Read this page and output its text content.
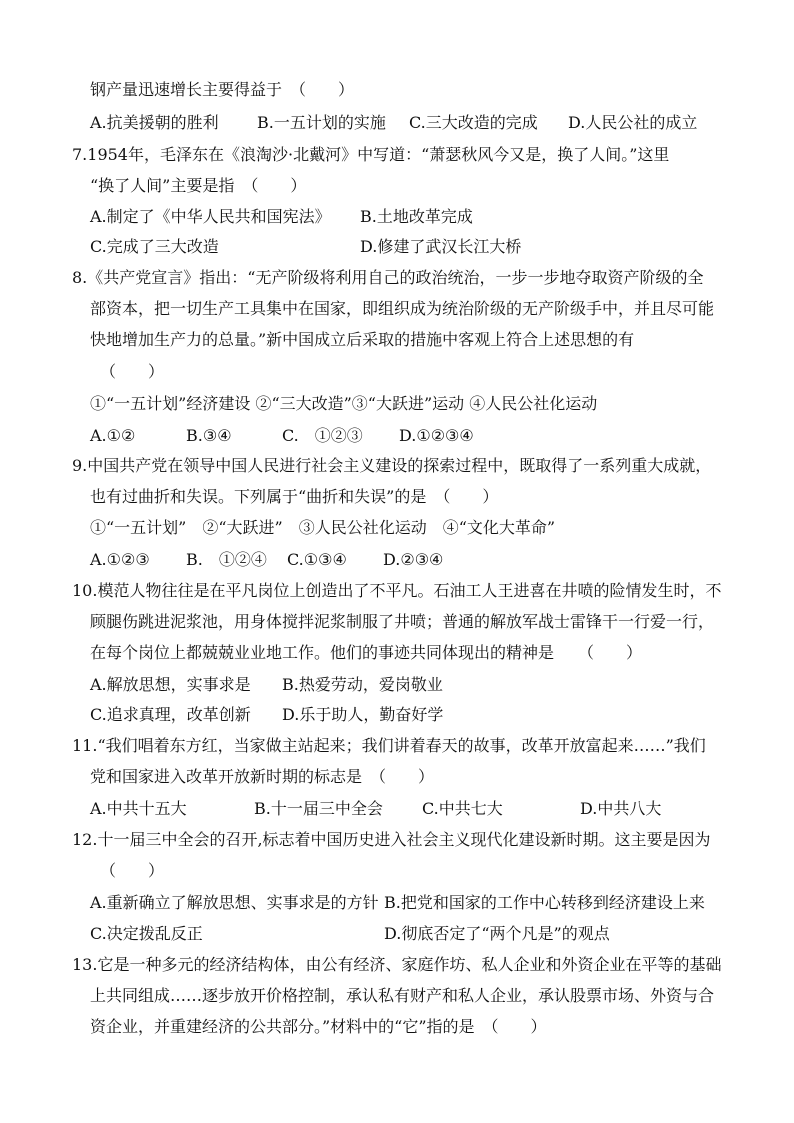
钢产量迅速增长主要得益于　（　　）
A.抗美援朝的胜利 B.一五计划的实施 C.三大改造的完成 D.人民公社的成立
7.1954年，毛泽东在《浪淘沙·北戴河》中写道：“萧瑟秋风今又是，换了人间。”这里
“换了人间”主要是指　（　　）
A.制定了《中华人民共和国宪法》 B.土地改革完成
C.完成了三大改造	D.修建了武汉长江大桥
8.《共产党宣言》指出：“无产阶级将利用自己的政治统治，一步一步地夺取资产阶级的全
部资本，把一切生产工具集中在国家，即组织成为统治阶级的无产阶级手中，并且尽可能
快地增加生产力的总量。”新中国成立后采取的措施中客观上符合上述思想的有
（　　）
①“一五计划”经济建设 ②“三大改造”③“大跃进”运动 ④人民公社化运动
A.①②	B.③④	C.　①②③ D.①②③④
9.中国共产党在领导中国人民进行社会主义建设的探索过程中，既取得了一系列重大成就，
也有过曲折和失误。下列属于“曲折和失误”的是　（　　）
①“一五计划”　②“大跃进”　③人民公社化运动　④“文化大革命”
A.①②③ B.　①②④ C.①③④ D.②③④
10.模范人物往往是在平凡岗位上创造出了不平凡。石油工人王进喜在井喷的险情发生时，不
顾腿伤跳进泥浆池，用身体搅拌泥浆制服了井喷；普通的解放军战士雷锋干一行爱一行，
在每个岗位上都兢兢业业地工作。他们的事迹共同体现出的精神是　　（　　）
A.解放思想，实事求是 B.热爱劳动，爱岗敬业
C.追求真理，改革创新 D.乐于助人，勤奋好学
11.“我们唱着东方红，当家做主站起来；我们讲着春天的故事，改革开放富起来……”我们
党和国家进入改革开放新时期的标志是　（　　）
A.中共十五大	B.十一届三中全会 C.中共七大	D.中共八大
12.十一届三中全会的召开,标志着中国历史进入社会主义现代化建设新时期。这主要是因为
（　　）
A.重新确立了解放思想、实事求是的方针 B.把党和国家的工作中心转移到经济建设上来
C.决定拨乱反正	D.彻底否定了“两个凡是”的观点
13.它是一种多元的经济结构体，由公有经济、家庭作坊、私人企业和外资企业在平等的基础
上共同组成……逐步放开价格控制，承认私有财产和私人企业，承认股票市场、外资与合
资企业，并重建经济的公共部分。”材料中的“它”指的是　（　　）
